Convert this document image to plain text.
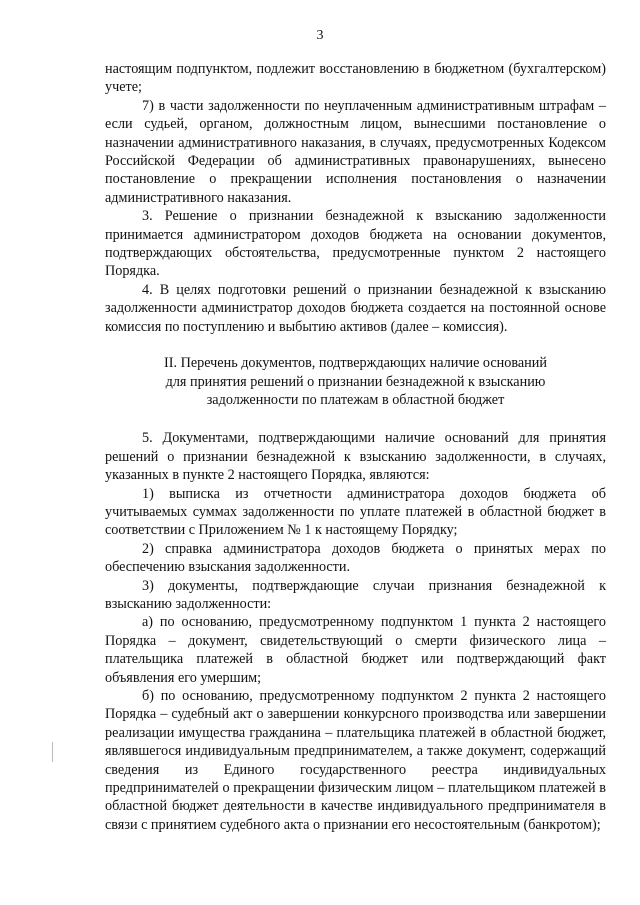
3

настоящим подпунктом, подлежит восстановлению в бюджетном (бухгалтерском) учете;

7) в части задолженности по неуплаченным административным штрафам – если судьей, органом, должностным лицом, вынесшими постановление о назначении административного наказания, в случаях, предусмотренных Кодексом Российской Федерации об административных правонарушениях, вынесено постановление о прекращении исполнения постановления о назначении административного наказания.

3. Решение о признании безнадежной к взысканию задолженности принимается администратором доходов бюджета на основании документов, подтверждающих обстоятельства, предусмотренные пунктом 2 настоящего Порядка.

4. В целях подготовки решений о признании безнадежной к взысканию задолженности администратор доходов бюджета создается на постоянной основе комиссия по поступлению и выбытию активов (далее – комиссия).

II. Перечень документов, подтверждающих наличие оснований
для принятия решений о признании безнадежной к взысканию
задолженности по платежам в областной бюджет

5. Документами, подтверждающими наличие оснований для принятия решений о признании безнадежной к взысканию задолженности, в случаях, указанных в пункте 2 настоящего Порядка, являются:

1) выписка из отчетности администратора доходов бюджета об учитываемых суммах задолженности по уплате платежей в областной бюджет в соответствии с Приложением № 1 к настоящему Порядку;

2) справка администратора доходов бюджета о принятых мерах по обеспечению взыскания задолженности.

3) документы, подтверждающие случаи признания безнадежной к взысканию задолженности:

а) по основанию, предусмотренному подпунктом 1 пункта 2 настоящего Порядка – документ, свидетельствующий о смерти физического лица – плательщика платежей в областной бюджет или подтверждающий факт объявления его умершим;

б) по основанию, предусмотренному подпунктом 2 пункта 2 настоящего Порядка – судебный акт о завершении конкурсного производства или завершении реализации имущества гражданина – плательщика платежей в областной бюджет, являвшегося индивидуальным предпринимателем, а также документ, содержащий сведения из Единого государственного реестра индивидуальных предпринимателей о прекращении физическим лицом – плательщиком платежей в областной бюджет деятельности в качестве индивидуального предпринимателя в связи с принятием судебного акта о признании его несостоятельным (банкротом);
